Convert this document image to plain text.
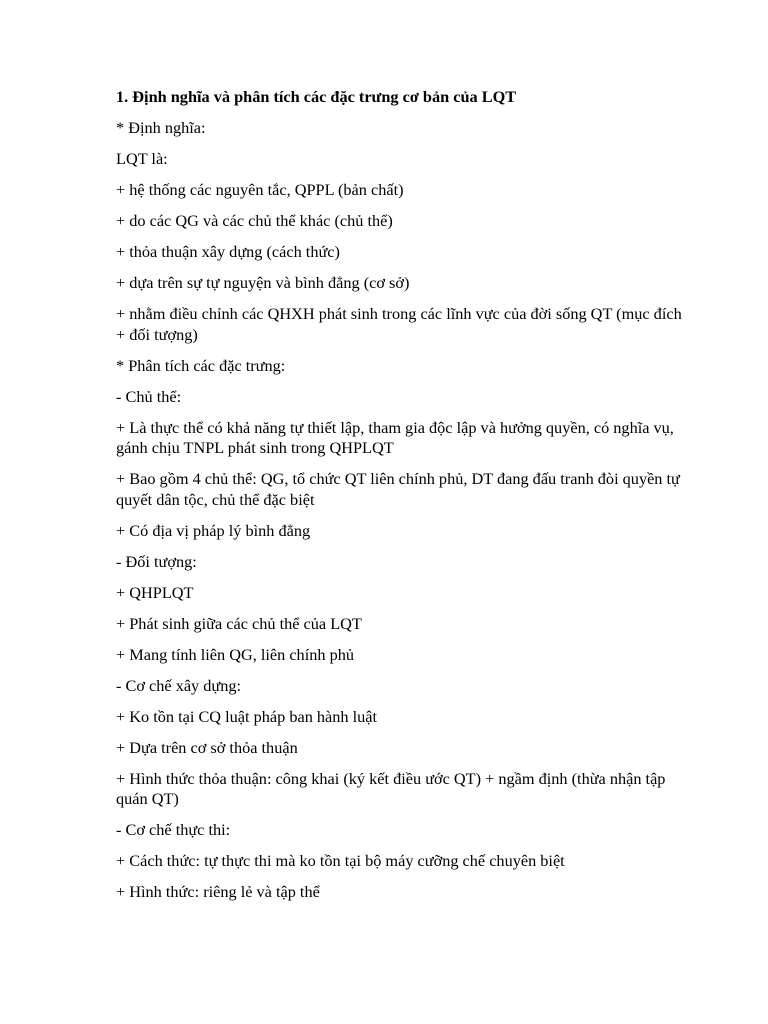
1. Định nghĩa và phân tích các đặc trưng cơ bản của LQT
* Định nghĩa:
LQT là:
+ hệ thống các nguyên tắc, QPPL (bản chất)
+ do các QG và các chủ thể khác (chủ thể)
+ thỏa thuận xây dựng (cách thức)
+ dựa trên sự tự nguyện và bình đẳng (cơ sở)
+ nhằm điều chỉnh các QHXH phát sinh trong các lĩnh vực của đời sống QT (mục đích + đối tượng)
* Phân tích các đặc trưng:
- Chủ thể:
+ Là thực thể có khả năng tự thiết lập, tham gia độc lập và hưởng quyền, có nghĩa vụ, gánh chịu TNPL phát sinh trong QHPLQT
+ Bao gồm 4 chủ thể: QG, tổ chức QT liên chính phủ, DT đang đấu tranh đòi quyền tự quyết dân tộc, chủ thể đặc biệt
+ Có địa vị pháp lý bình đẳng
- Đối tượng:
+ QHPLQT
+ Phát sinh giữa các chủ thể của LQT
+ Mang tính liên QG, liên chính phủ
- Cơ chế xây dựng:
+ Ko tồn tại CQ luật pháp ban hành luật
+ Dựa trên cơ sở thỏa thuận
+ Hình thức thỏa thuận: công khai (ký kết điều ước QT) + ngầm định (thừa nhận tập quán QT)
- Cơ chế thực thi:
+ Cách thức: tự thực thi mà ko tồn tại bộ máy cưỡng chế chuyên biệt
+ Hình thức: riêng lẻ và tập thể
